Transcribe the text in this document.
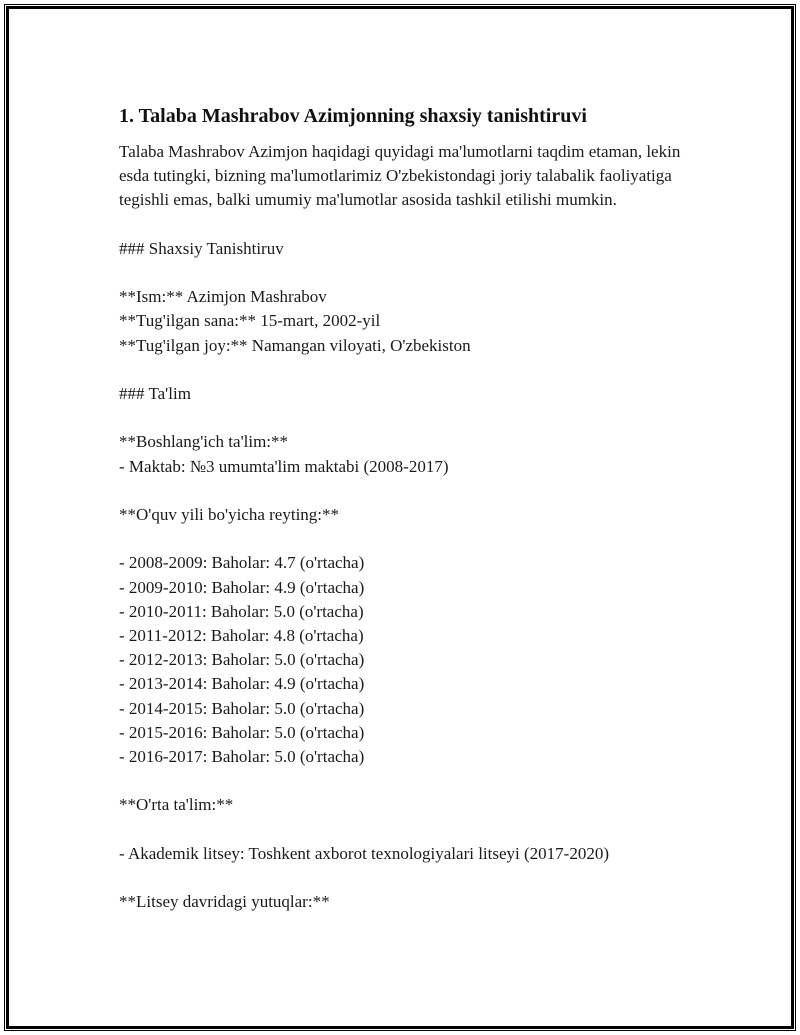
1. Talaba Mashrabov Azimjonning shaxsiy tanishtiruvi

Talaba Mashrabov Azimjon haqidagi quyidagi ma'lumotlarni taqdim etaman, lekin esda tutingki, bizning ma'lumotlarimiz O'zbekistondagi joriy talabalik faoliyatiga tegishli emas, balki umumiy ma'lumotlar asosida tashkil etilishi mumkin.

### Shaxsiy Tanishtiruv
**Ism:** Azimjon Mashrabov
**Tug'ilgan sana:** 15-mart, 2002-yil
**Tug'ilgan joy:** Namangan viloyati, O'zbekiston
### Ta'lim
**Boshlang'ich ta'lim:**
- Maktab: №3 umumta'lim maktabi (2008-2017)
**O'quv yili bo'yicha reyting:**
- 2008-2009: Baholar: 4.7 (o'rtacha)
- 2009-2010: Baholar: 4.9 (o'rtacha)
- 2010-2011: Baholar: 5.0 (o'rtacha)
- 2011-2012: Baholar: 4.8 (o'rtacha)
- 2012-2013: Baholar: 5.0 (o'rtacha)
- 2013-2014: Baholar: 4.9 (o'rtacha)
- 2014-2015: Baholar: 5.0 (o'rtacha)
- 2015-2016: Baholar: 5.0 (o'rtacha)
- 2016-2017: Baholar: 5.0 (o'rtacha)
**O'rta ta'lim:**
- Akademik litsey: Toshkent axborot texnologiyalari litseyi (2017-2020)
**Litsey davridagi yutuqlar:**
